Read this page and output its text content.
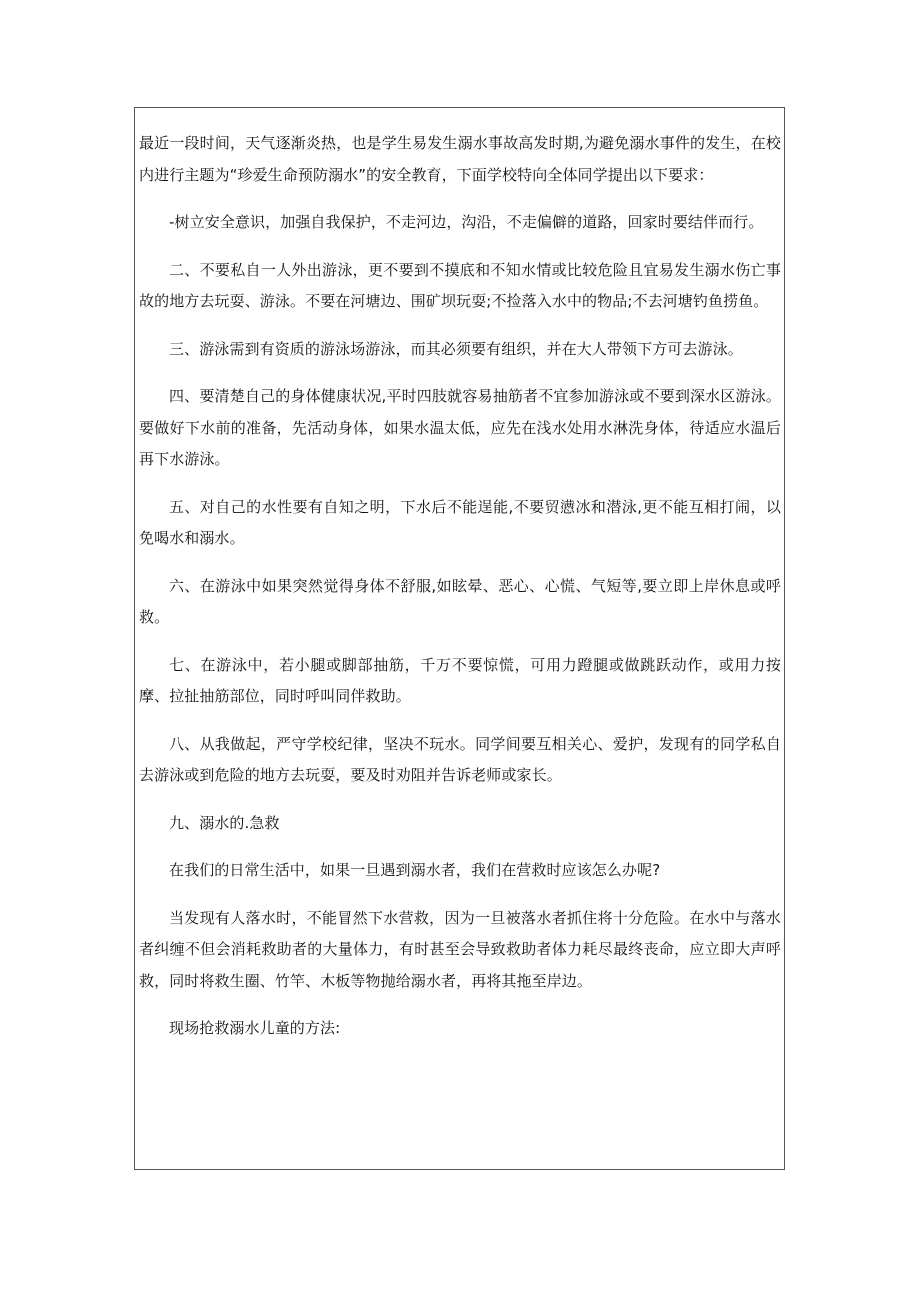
最近一段时间，天气逐渐炎热，也是学生易发生溺水事故高发时期,为避免溺水事件的发生，在校内进行主题为“珍爱生命预防溺水”的安全教育，下面学校特向全体同学提出以下要求：

-树立安全意识，加强自我保护，不走河边，沟沿，不走偏僻的道路，回家时要结伴而行。

二、不要私自一人外出游泳，更不要到不摸底和不知水情或比较危险且宜易发生溺水伤亡事故的地方去玩耍、游泳。不要在河塘边、围矿坝玩耍;不捡落入水中的物品;不去河塘钓鱼捞鱼。

三、游泳需到有资质的游泳场游泳，而其必须要有组织，并在大人带领下方可去游泳。

四、要清楚自己的身体健康状况,平时四肢就容易抽筋者不宜参加游泳或不要到深水区游泳。要做好下水前的准备，先活动身体，如果水温太低，应先在浅水处用水淋洗身体，待适应水温后再下水游泳。

五、对自己的水性要有自知之明，下水后不能逞能,不要贸懑冰和潜泳,更不能互相打闹，以免喝水和溺水。

六、在游泳中如果突然觉得身体不舒服,如眩晕、恶心、心慌、气短等,要立即上岸休息或呼救。

七、在游泳中，若小腿或脚部抽筋，千万不要惊慌，可用力蹬腿或做跳跃动作，或用力按摩、拉扯抽筋部位，同时呼叫同伴救助。

八、从我做起，严守学校纪律，坚决不玩水。同学间要互相关心、爱护，发现有的同学私自去游泳或到危险的地方去玩耍，要及时劝阻并告诉老师或家长。

九、溺水的.急救

在我们的日常生活中，如果一旦遇到溺水者，我们在营救时应该怎么办呢?

当发现有人落水时，不能冒然下水营救，因为一旦被落水者抓住将十分危险。在水中与落水者纠缠不但会消耗救助者的大量体力，有时甚至会导致救助者体力耗尽最终丧命，应立即大声呼救，同时将救生圈、竹竿、木板等物抛给溺水者，再将其拖至岸边。

现场抢救溺水儿童的方法:
